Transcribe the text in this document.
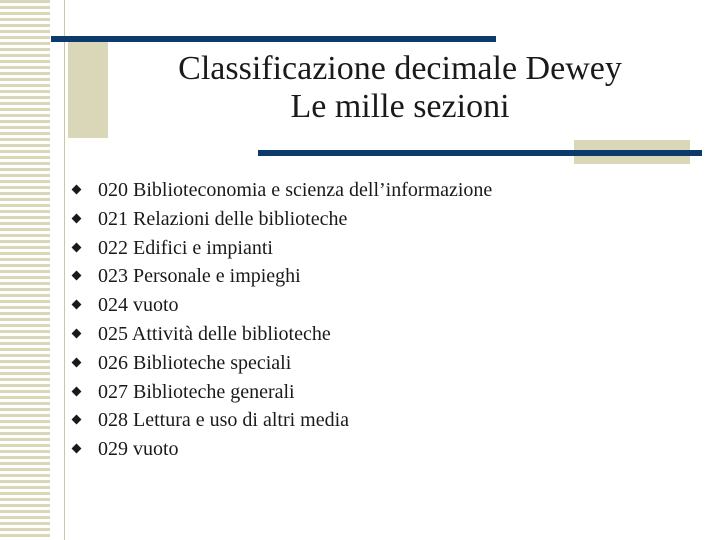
Classificazione decimale Dewey
Le mille sezioni
020 Biblioteconomia e scienza dell’informazione
021 Relazioni delle biblioteche
022 Edifici e impianti
023 Personale e impieghi
024 vuoto
025 Attività delle biblioteche
026 Biblioteche speciali
027 Biblioteche generali
028 Lettura e uso di altri media
029 vuoto
